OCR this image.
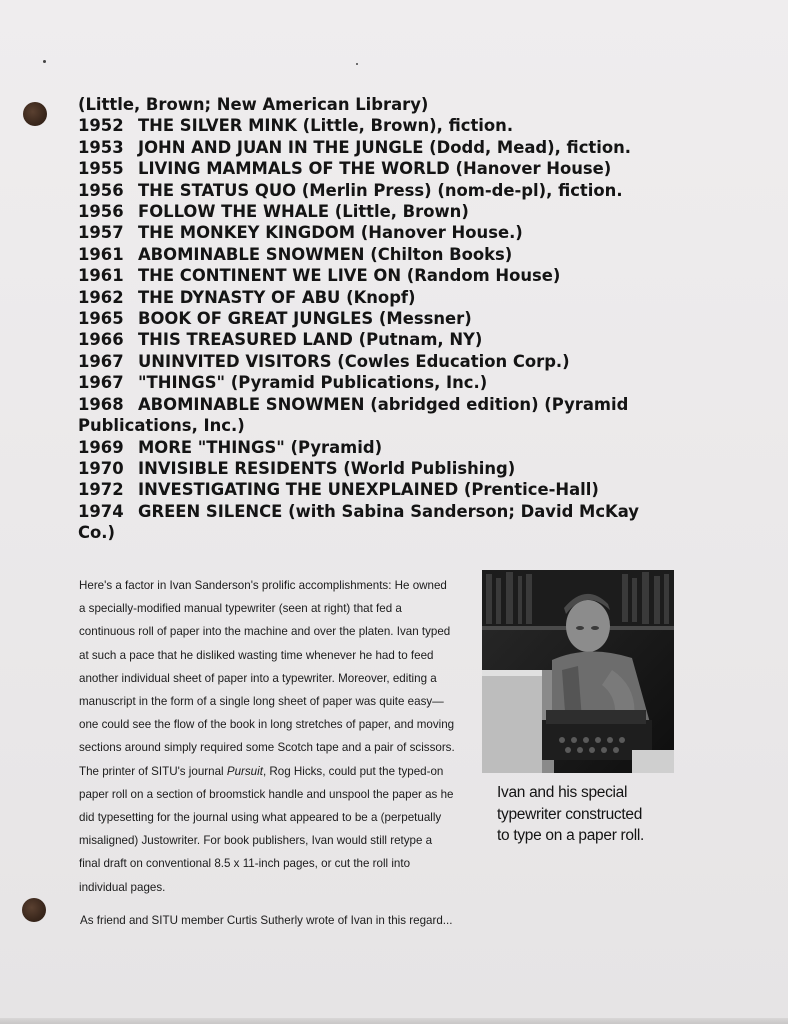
(Little, Brown; New American Library)
1952 THE SILVER MINK (Little, Brown), fiction.
1953 JOHN AND JUAN IN THE JUNGLE (Dodd, Mead), fiction.
1955 LIVING MAMMALS OF THE WORLD (Hanover House)
1956 THE STATUS QUO (Merlin Press) (nom-de-pl), fiction.
1956 FOLLOW THE WHALE (Little, Brown)
1957 THE MONKEY KINGDOM (Hanover House.)
1961 ABOMINABLE SNOWMEN (Chilton Books)
1961 THE CONTINENT WE LIVE ON (Random House)
1962 THE DYNASTY OF ABU (Knopf)
1965 BOOK OF GREAT JUNGLES (Messner)
1966 THIS TREASURED LAND (Putnam, NY)
1967 UNINVITED VISITORS (Cowles Education Corp.)
1967 "THINGS" (Pyramid Publications, Inc.)
1968 ABOMINABLE SNOWMEN (abridged edition) (Pyramid
Publications, Inc.)
1969 MORE "THINGS" (Pyramid)
1970 INVISIBLE RESIDENTS (World Publishing)
1972 INVESTIGATING THE UNEXPLAINED (Prentice-Hall)
1974 GREEN SILENCE (with Sabina Sanderson; David McKay
Co.)
Here's a factor in Ivan Sanderson's prolific accomplishments: He owned
a specially-modified manual typewriter (seen at right) that fed a
continuous roll of paper into the machine and over the platen. Ivan typed
at such a pace that he disliked wasting time whenever he had to feed
another individual sheet of paper into a typewriter. Moreover, editing a
manuscript in the form of a single long sheet of paper was quite easy—
one could see the flow of the book in long stretches of paper, and moving
sections around simply required some Scotch tape and a pair of scissors.
The printer of SITU's journal Pursuit, Rog Hicks, could put the typed-on
paper roll on a section of broomstick handle and unspool the paper as he
did typesetting for the journal using what appeared to be a (perpetually
misaligned) Justowriter. For book publishers, Ivan would still retype a
final draft on conventional 8.5 x 11-inch pages, or cut the roll into
individual pages.
Ivan and his special
typewriter constructed
to type on a paper roll.
As friend and SITU member Curtis Sutherly wrote of Ivan in this regard...
